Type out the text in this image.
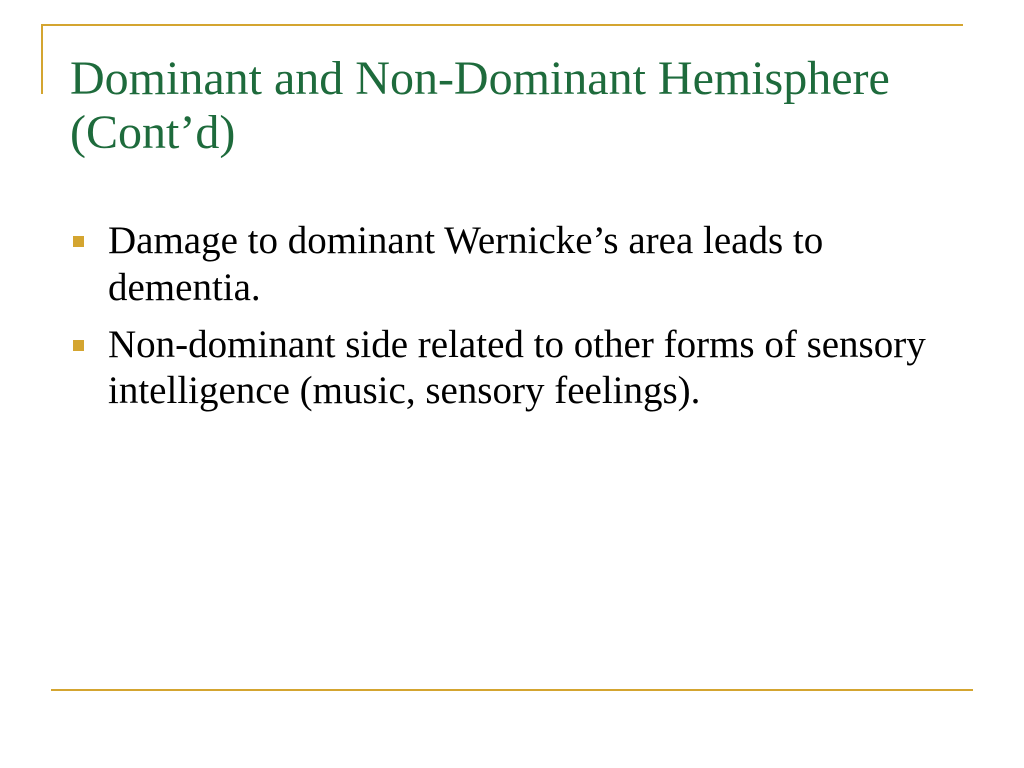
Dominant and Non-Dominant Hemisphere (Cont’d)
Damage to dominant Wernicke’s area leads to dementia.
Non-dominant side related to other forms of sensory intelligence (music, sensory feelings).
